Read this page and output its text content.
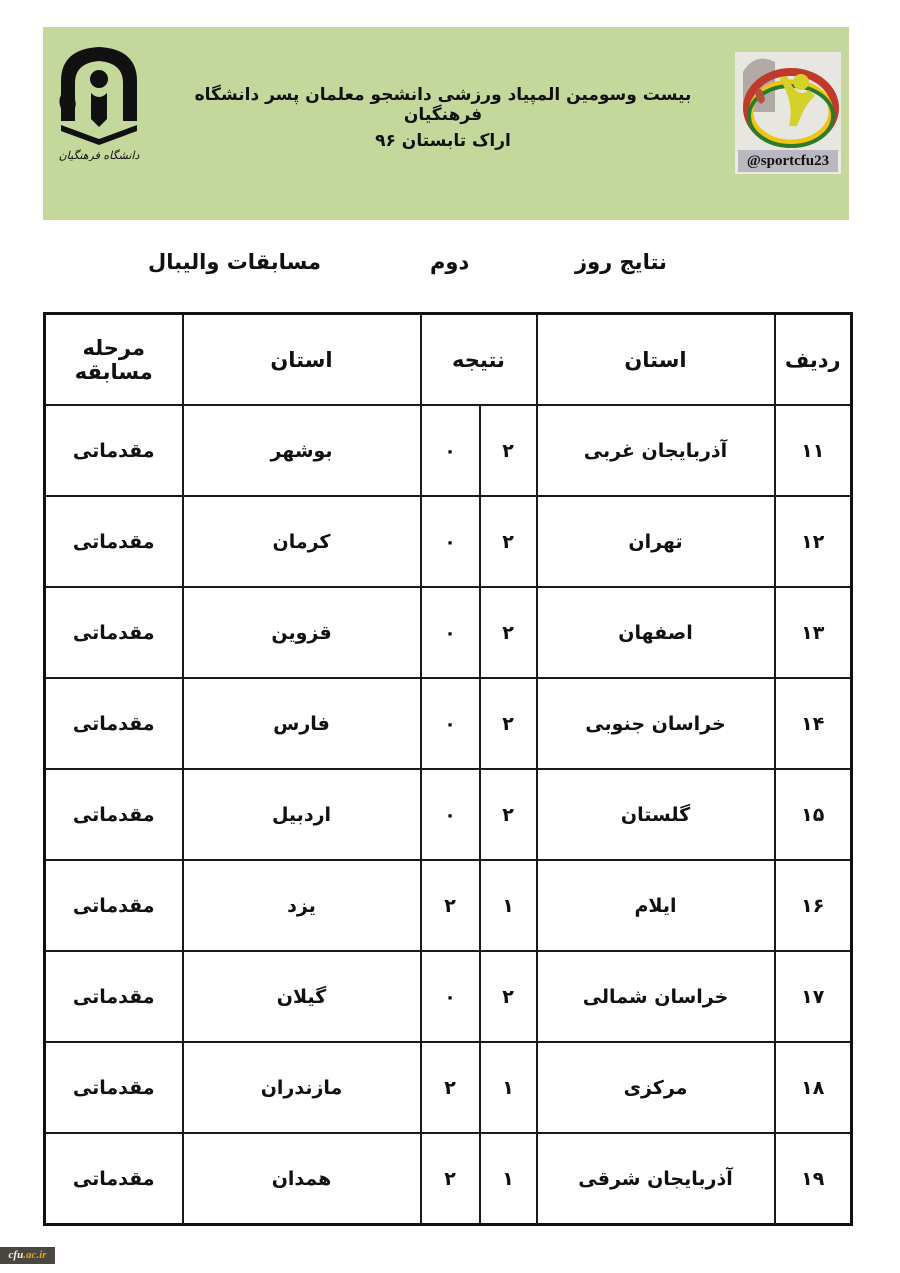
دانشگاه فرهنگیان
بیست وسومین المپیاد ورزشی دانشجو معلمان پسر دانشگاه فرهنگیان
اراک تابستان ۹۶
@sportcfu23
نتایج روز
دوم
مسابقات والیبال
ردیف	استان	نتیجه		استان	مرحله مسابقه
۱۱	آذربایجان غربی	۲	۰	بوشهر	مقدماتی
۱۲	تهران	۲	۰	کرمان	مقدماتی
۱۳	اصفهان	۲	۰	قزوین	مقدماتی
۱۴	خراسان جنوبی	۲	۰	فارس	مقدماتی
۱۵	گلستان	۲	۰	اردبیل	مقدماتی
۱۶	ایلام	۱	۲	یزد	مقدماتی
۱۷	خراسان شمالی	۲	۰	گیلان	مقدماتی
۱۸	مرکزی	۱	۲	مازندران	مقدماتی
۱۹	آذربایجان شرقی	۱	۲	همدان	مقدماتی
cfu.ac.ir
